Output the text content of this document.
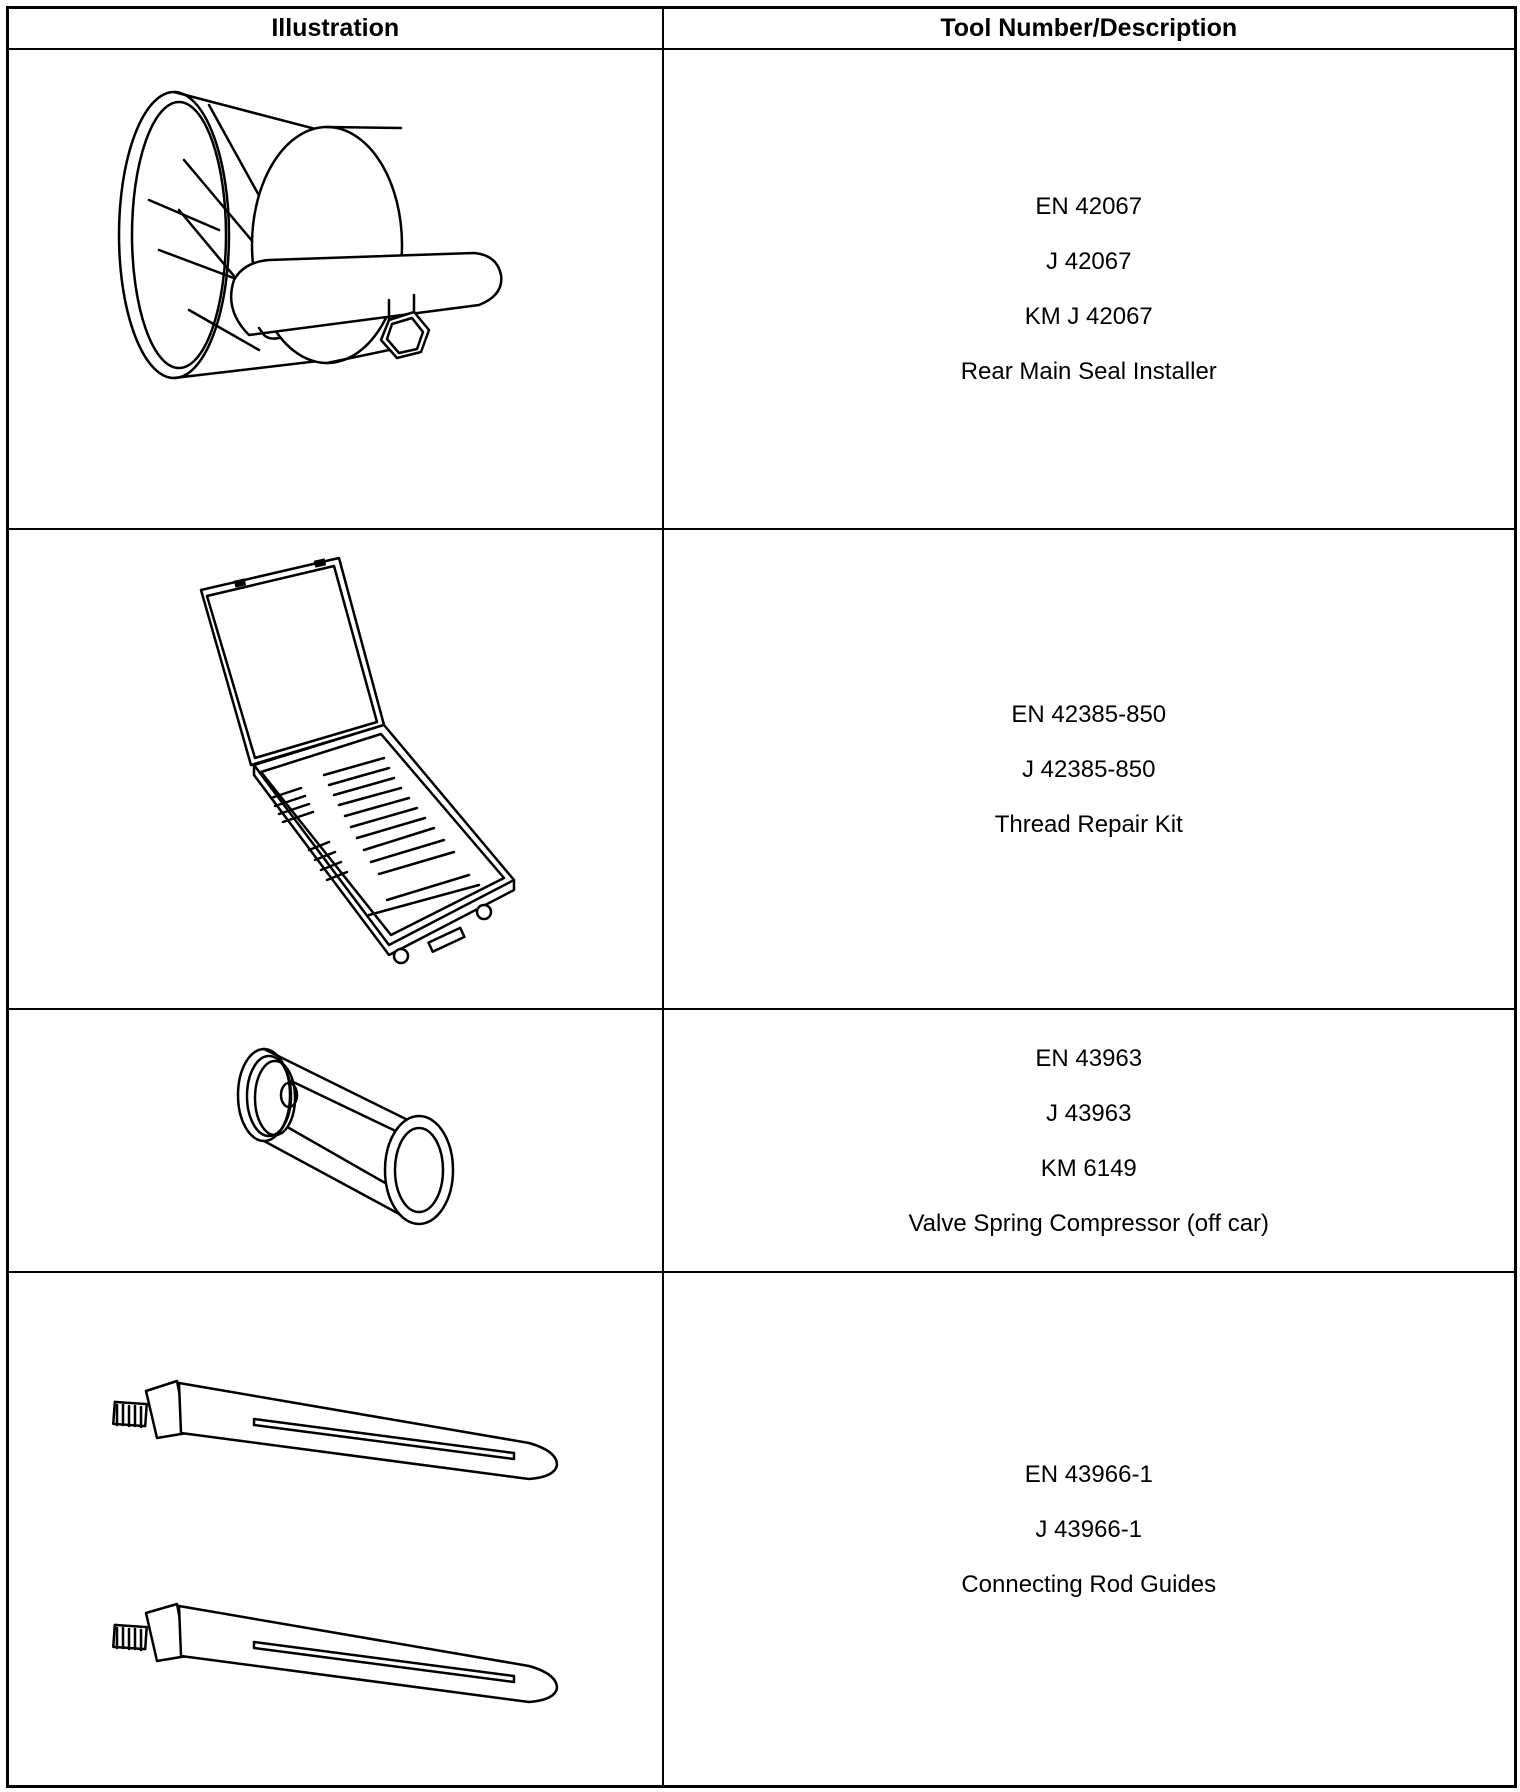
Illustration	Tool Number/Description

EN 42067
J 42067
KM J 42067
Rear Main Seal Installer

EN 42385-850
J 42385-850
Thread Repair Kit

EN 43963
J 43963
KM 6149
Valve Spring Compressor (off car)

EN 43966-1
J 43966-1
Connecting Rod Guides
